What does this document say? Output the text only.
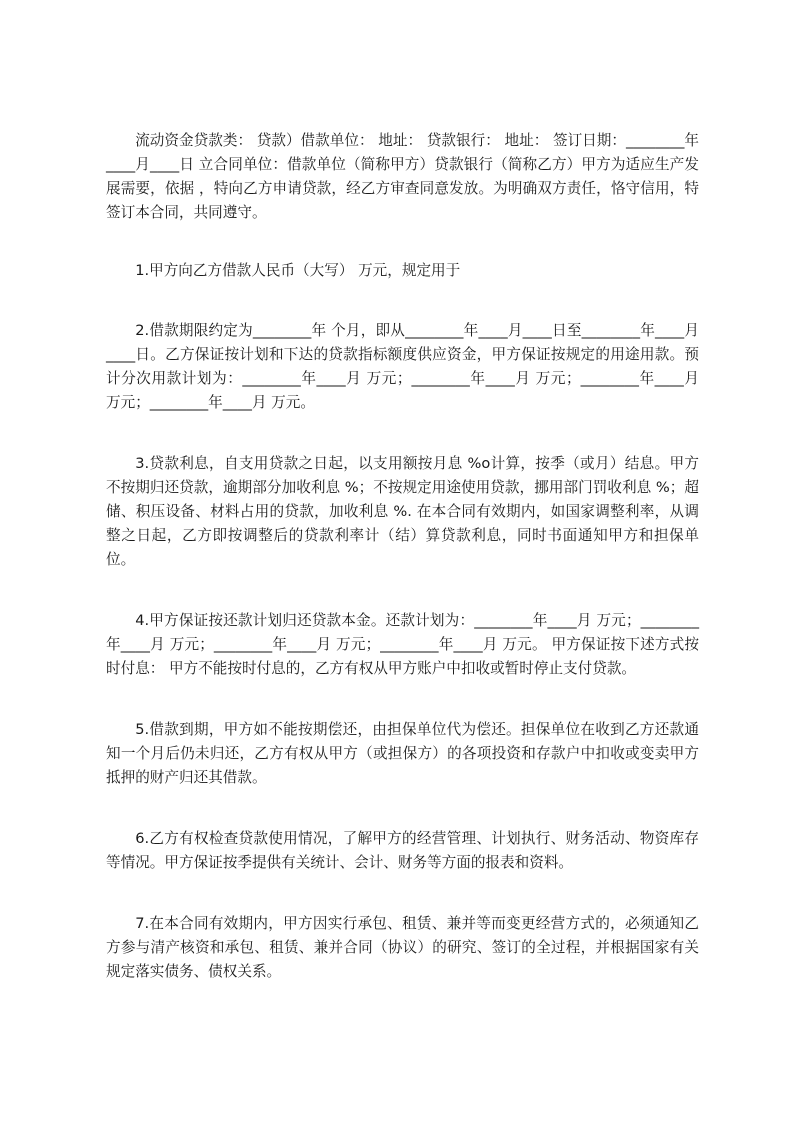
流动资金贷款类： 贷款）借款单位： 地址： 贷款银行： 地址： 签订日期：________年____月____日 立合同单位：借款单位（简称甲方）贷款银行（简称乙方）甲方为适应生产发展需要，依据 ，特向乙方申请贷款，经乙方审查同意发放。为明确双方责任，恪守信用，特签订本合同，共同遵守。

1.甲方向乙方借款人民币（大写） 万元，规定用于

2.借款期限约定为________年 个月，即从________年____月____日至________年____月____日。乙方保证按计划和下达的贷款指标额度供应资金，甲方保证按规定的用途用款。预计分次用款计划为：________年____月 万元；________年____月 万元；________年____月 万元；________年____月 万元。

3.贷款利息，自支用贷款之日起，以支用额按月息 %o计算，按季（或月）结息。甲方不按期归还贷款，逾期部分加收利息 %；不按规定用途使用贷款，挪用部门罚收利息 %；超储、积压设备、材料占用的贷款，加收利息 %. 在本合同有效期内，如国家调整利率，从调整之日起，乙方即按调整后的贷款利率计（结）算贷款利息，同时书面通知甲方和担保单位。

4.甲方保证按还款计划归还贷款本金。还款计划为：________年____月 万元；________年____月 万元；________年____月 万元；________年____月 万元。 甲方保证按下述方式按时付息： 甲方不能按时付息的，乙方有权从甲方账户中扣收或暂时停止支付贷款。

5.借款到期，甲方如不能按期偿还，由担保单位代为偿还。担保单位在收到乙方还款通知一个月后仍未归还，乙方有权从甲方（或担保方）的各项投资和存款户中扣收或变卖甲方抵押的财产归还其借款。

6.乙方有权检查贷款使用情况，了解甲方的经营管理、计划执行、财务活动、物资库存等情况。甲方保证按季提供有关统计、会计、财务等方面的报表和资料。

7.在本合同有效期内，甲方因实行承包、租赁、兼并等而变更经营方式的，必须通知乙方参与清产核资和承包、租赁、兼并合同（协议）的研究、签订的全过程，并根据国家有关规定落实债务、债权关系。
